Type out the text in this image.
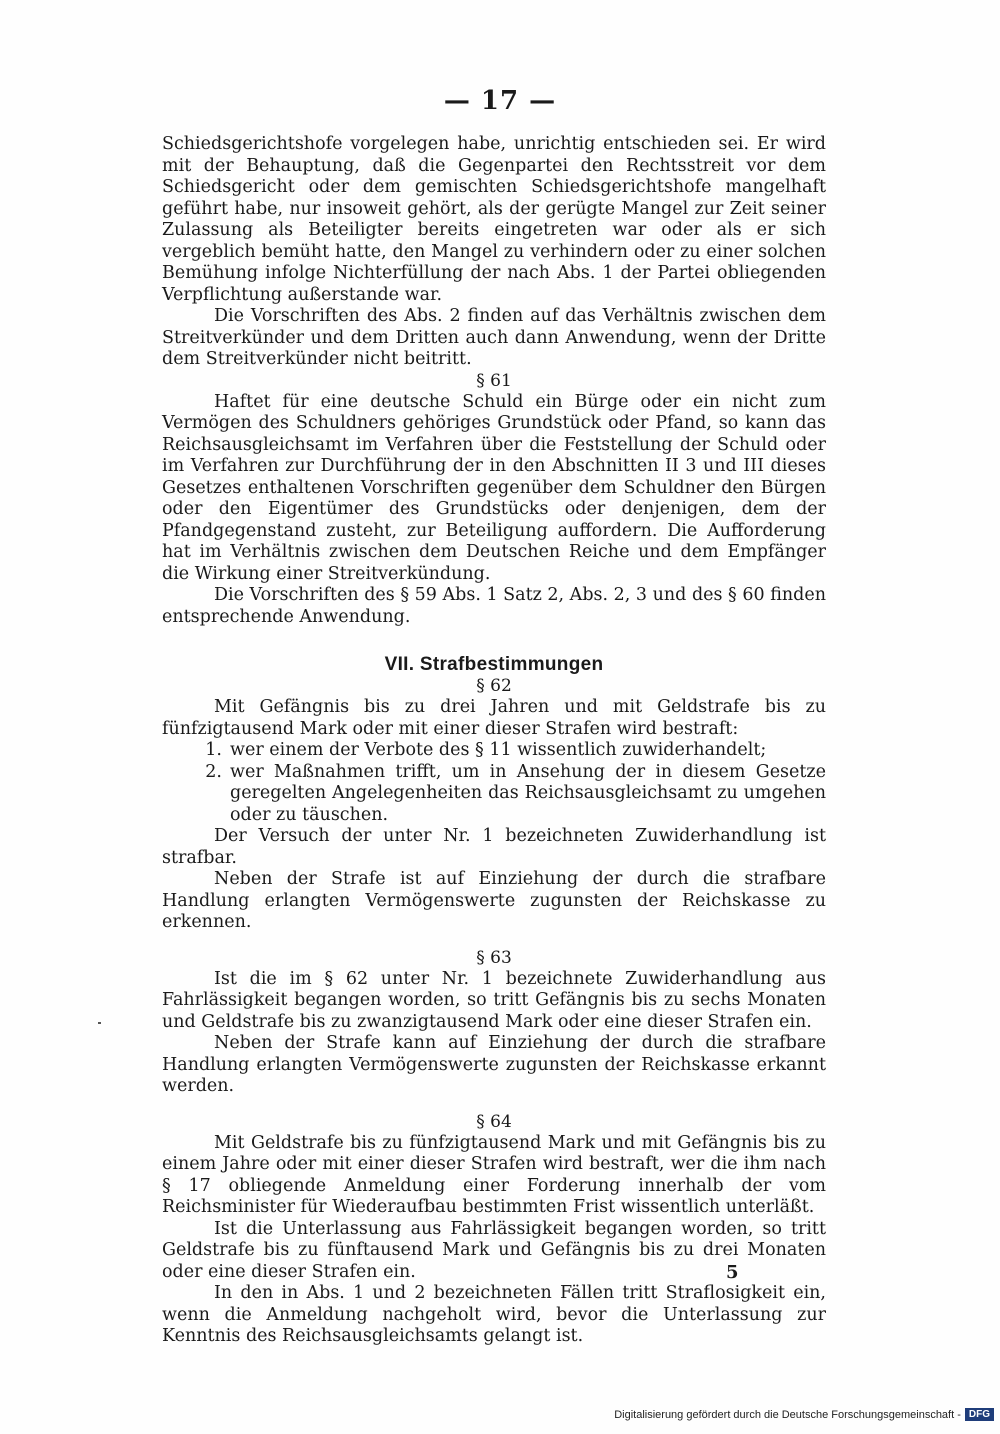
— 17 —

Schiedsgerichtshofe vorgelegen habe, unrichtig entschieden sei. Er wird mit der Behauptung, daß die Gegenpartei den Rechtsstreit vor dem Schiedsgericht oder dem gemischten Schiedsgerichtshofe mangelhaft geführt habe, nur insoweit gehört, als der gerügte Mangel zur Zeit seiner Zulassung als Beteiligter bereits eingetreten war oder als er sich vergeblich bemüht hatte, den Mangel zu verhindern oder zu einer solchen Bemühung infolge Nichterfüllung der nach Abs. 1 der Partei obliegenden Verpflichtung außerstande war.

Die Vorschriften des Abs. 2 finden auf das Verhältnis zwischen dem Streitverkünder und dem Dritten auch dann Anwendung, wenn der Dritte dem Streitverkünder nicht beitritt.

§ 61

Haftet für eine deutsche Schuld ein Bürge oder ein nicht zum Vermögen des Schuldners gehöriges Grundstück oder Pfand, so kann das Reichsausgleichsamt im Verfahren über die Feststellung der Schuld oder im Verfahren zur Durchführung der in den Abschnitten II 3 und III dieses Gesetzes enthaltenen Vorschriften gegenüber dem Schuldner den Bürgen oder den Eigentümer des Grundstücks oder denjenigen, dem der Pfandgegenstand zusteht, zur Beteiligung auffordern. Die Aufforderung hat im Verhältnis zwischen dem Deutschen Reiche und dem Empfänger die Wirkung einer Streitverkündung.

Die Vorschriften des § 59 Abs. 1 Satz 2, Abs. 2, 3 und des § 60 finden entsprechende Anwendung.

VII. Strafbestimmungen
§ 62

Mit Gefängnis bis zu drei Jahren und mit Geldstrafe bis zu fünfzigtausend Mark oder mit einer dieser Strafen wird bestraft:

1. wer einem der Verbote des § 11 wissentlich zuwiderhandelt;
2. wer Maßnahmen trifft, um in Ansehung der in diesem Gesetze geregelten Angelegenheiten das Reichsausgleichsamt zu umgehen oder zu täuschen.

Der Versuch der unter Nr. 1 bezeichneten Zuwiderhandlung ist strafbar.

Neben der Strafe ist auf Einziehung der durch die strafbare Handlung erlangten Vermögenswerte zugunsten der Reichskasse zu erkennen.

§ 63

Ist die im § 62 unter Nr. 1 bezeichnete Zuwiderhandlung aus Fahrlässigkeit begangen worden, so tritt Gefängnis bis zu sechs Monaten und Geldstrafe bis zu zwanzigtausend Mark oder eine dieser Strafen ein.

Neben der Strafe kann auf Einziehung der durch die strafbare Handlung erlangten Vermögenswerte zugunsten der Reichskasse erkannt werden.

§ 64

Mit Geldstrafe bis zu fünfzigtausend Mark und mit Gefängnis bis zu einem Jahre oder mit einer dieser Strafen wird bestraft, wer die ihm nach § 17 obliegende Anmeldung einer Forderung innerhalb der vom Reichsminister für Wiederaufbau bestimmten Frist wissentlich unterläßt.

Ist die Unterlassung aus Fahrlässigkeit begangen worden, so tritt Geldstrafe bis zu fünftausend Mark und Gefängnis bis zu drei Monaten oder eine dieser Strafen ein.

In den in Abs. 1 und 2 bezeichneten Fällen tritt Straflosigkeit ein, wenn die Anmeldung nachgeholt wird, bevor die Unterlassung zur Kenntnis des Reichsausgleichsamts gelangt ist.

5
Digitalisierung gefördert durch die Deutsche Forschungsgemeinschaft - DFG
